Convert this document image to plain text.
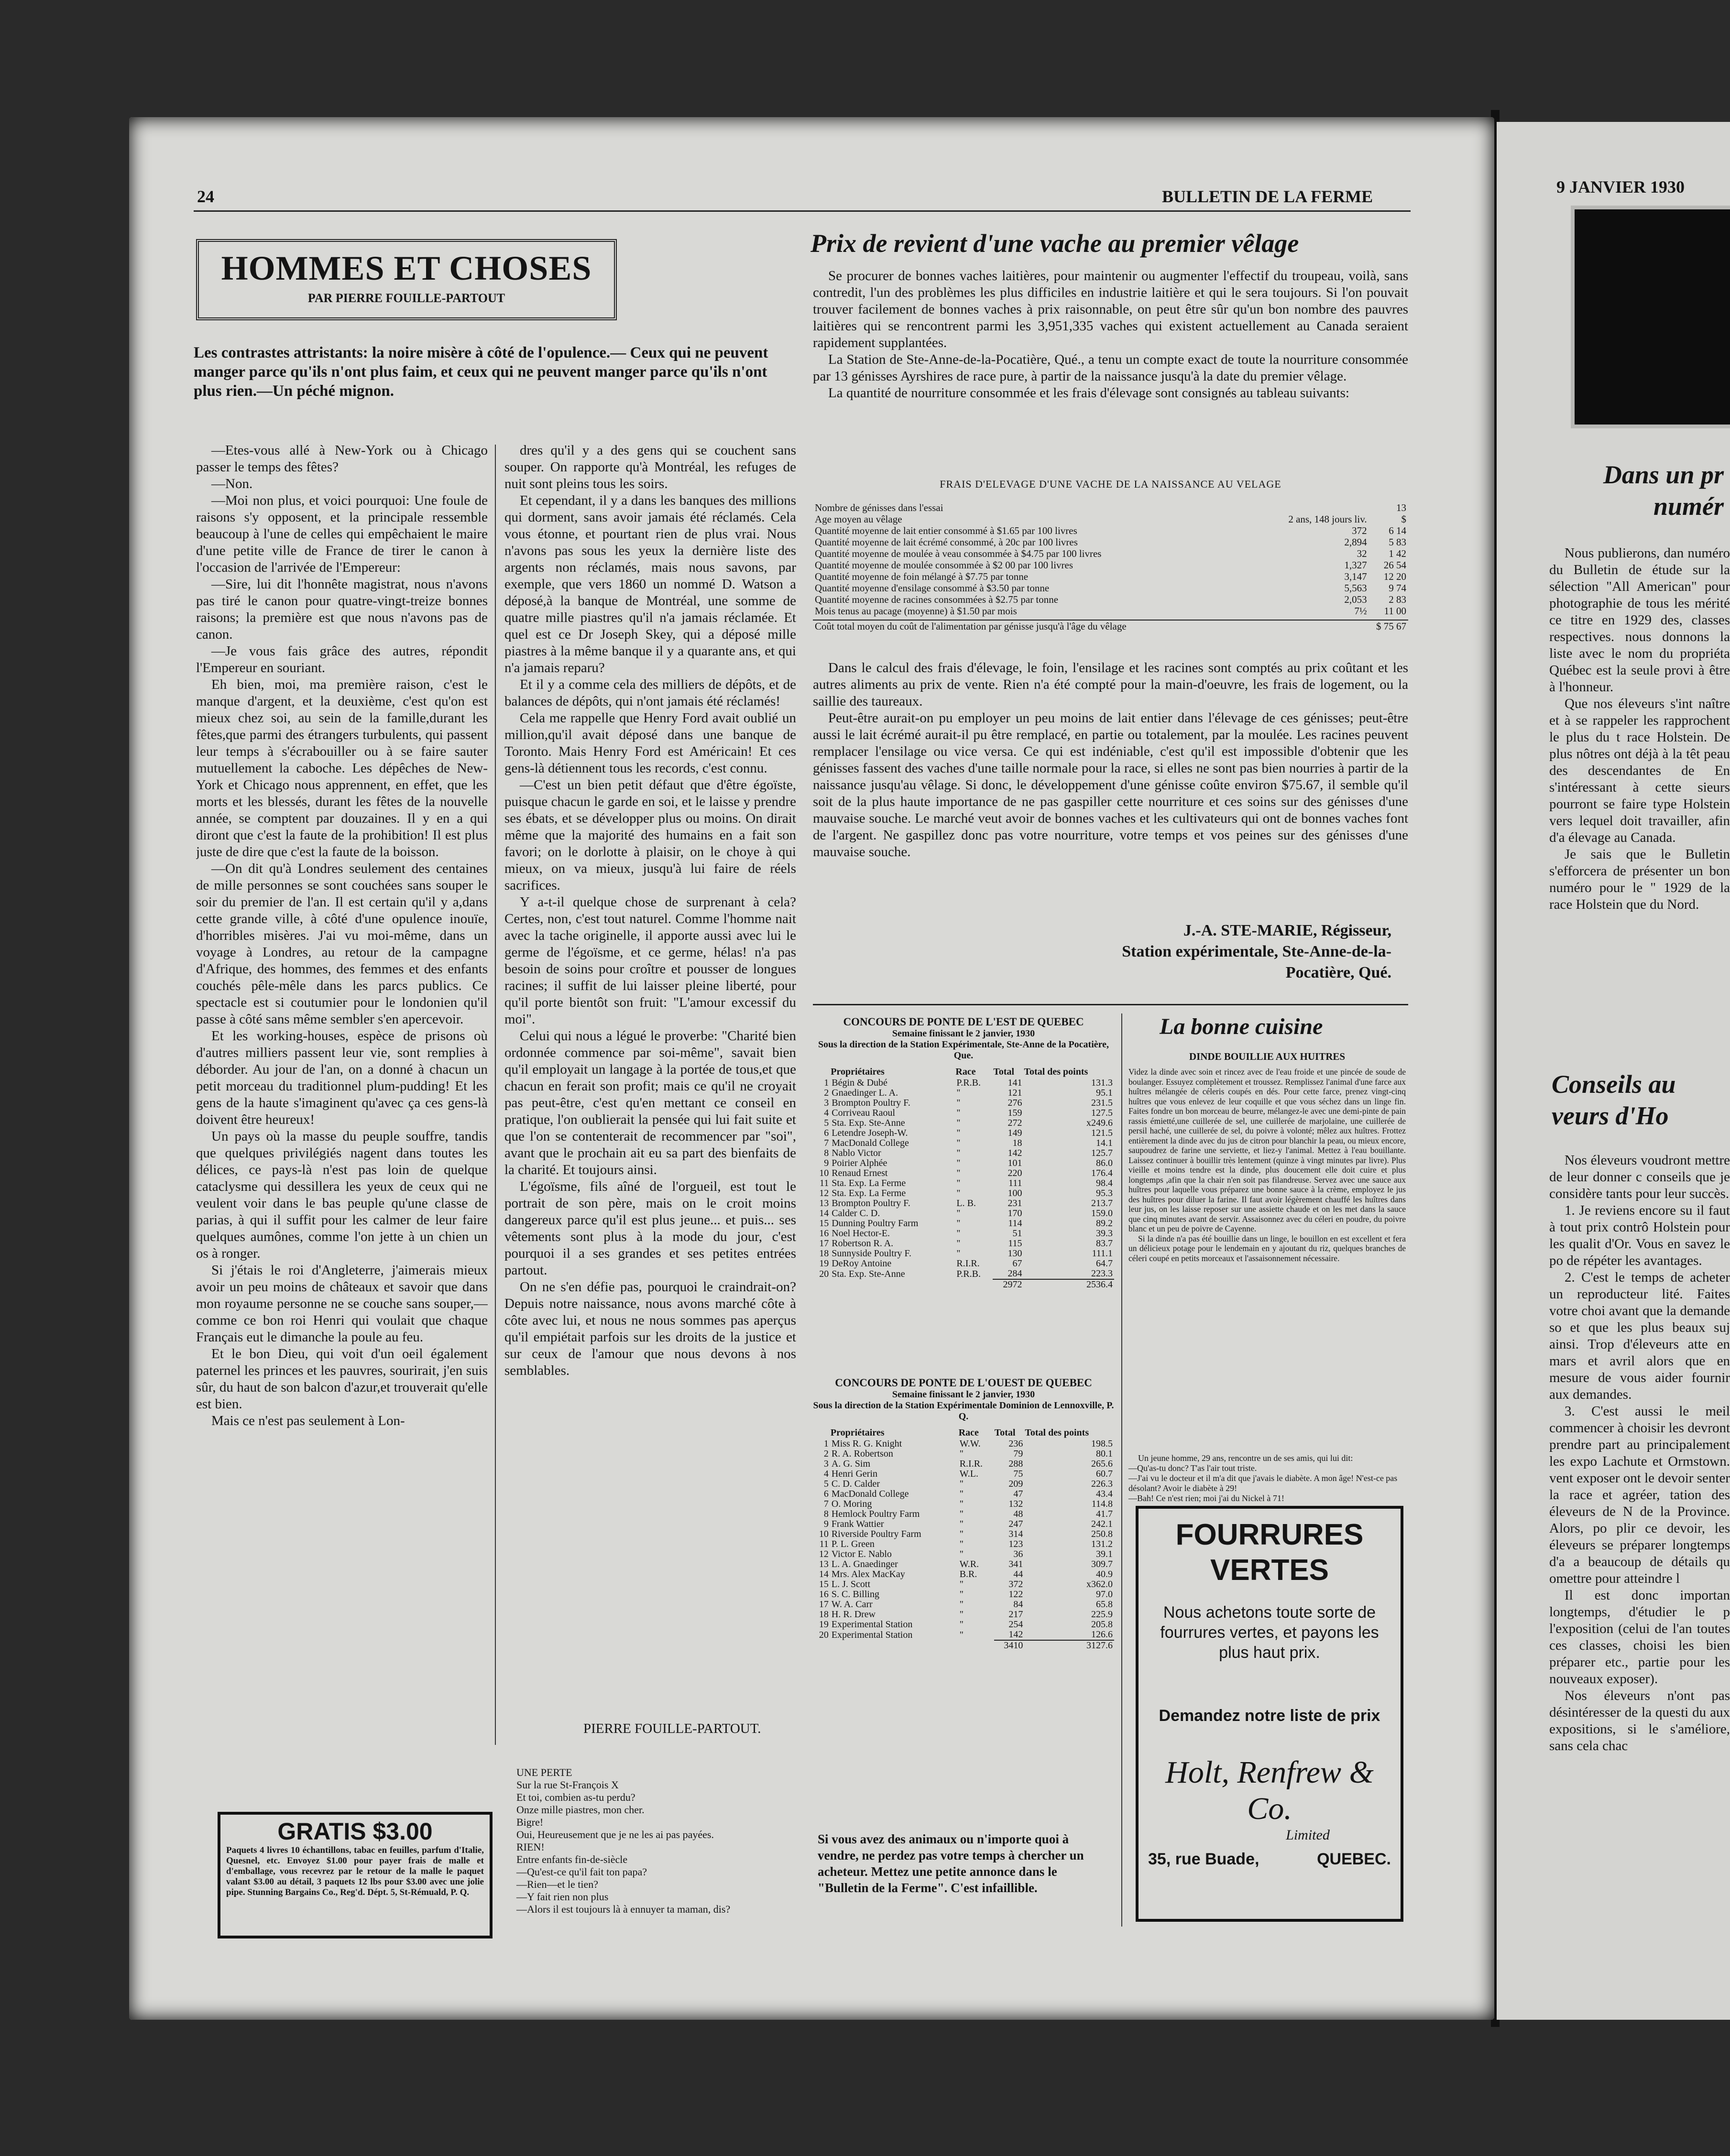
24	BULLETIN DE LA FERME
HOMMES ET CHOSES
PAR PIERRE FOUILLE-PARTOUT
Les contrastes attristants: la noire misère à côté de l'opulence.— Ceux qui ne peuvent manger parce qu'ils n'ont plus faim, et ceux qui ne peuvent manger parce qu'ils n'ont plus rien.—Un péché mignon.

—Etes-vous allé à New-York ou à Chicago passer le temps des fêtes?

—Non.

—Moi non plus, et voici pourquoi: Une foule de raisons s'y opposent, et la principale ressemble beaucoup à l'une de celles qui empêchaient le maire d'une petite ville de France de tirer le canon à l'occasion de l'arrivée de l'Empereur:

—Sire, lui dit l'honnête magistrat, nous n'avons pas tiré le canon pour quatre-vingt-treize bonnes raisons; la première est que nous n'avons pas de canon.

—Je vous fais grâce des autres, répondit l'Empereur en souriant.

Eh bien, moi, ma première raison, c'est le manque d'argent, et la deuxième, c'est qu'on est mieux chez soi, au sein de la famille,durant les fêtes,que parmi des étrangers turbulents, qui passent leur temps à s'écrabouiller ou à se faire sauter mutuellement la caboche. Les dépêches de New-York et Chicago nous apprennent, en effet, que les morts et les blessés, durant les fêtes de la nouvelle année, se comptent par douzaines. Il y en a qui diront que c'est la faute de la prohibition! Il est plus juste de dire que c'est la faute de la boisson.

—On dit qu'à Londres seulement des centaines de mille personnes se sont couchées sans souper le soir du premier de l'an. Il est certain qu'il y a,dans cette grande ville, à côté d'une opulence inouïe, d'horribles misères. J'ai vu moi-même, dans un voyage à Londres, au retour de la campagne d'Afrique, des hommes, des femmes et des enfants couchés pêle-mêle dans les parcs publics. Ce spectacle est si coutumier pour le londonien qu'il passe à côté sans même sembler s'en apercevoir.

Et les working-houses, espèce de prisons où d'autres milliers passent leur vie, sont remplies à déborder. Au jour de l'an, on a donné à chacun un petit morceau du traditionnel plum-pudding! Et les gens de la haute s'imaginent qu'avec ça ces gens-là doivent être heureux!

Un pays où la masse du peuple souffre, tandis que quelques privilégiés nagent dans toutes les délices, ce pays-là n'est pas loin de quelque cataclysme qui dessillera les yeux de ceux qui ne veulent voir dans le bas peuple qu'une classe de parias, à qui il suffit pour les calmer de leur faire quelques aumônes, comme l'on jette à un chien un os à ronger.

Si j'étais le roi d'Angleterre, j'aimerais mieux avoir un peu moins de châteaux et savoir que dans mon royaume personne ne se couche sans souper,—comme ce bon roi Henri qui voulait que chaque Français eut le dimanche la poule au feu.

Et le bon Dieu, qui voit d'un oeil également paternel les princes et les pauvres, sourirait, j'en suis sûr, du haut de son balcon d'azur,et trouverait qu'elle est bien.

Mais ce n'est pas seulement à Lon-

dres qu'il y a des gens qui se couchent sans souper. On rapporte qu'à Montréal, les refuges de nuit sont pleins tous les soirs.

Et cependant, il y a dans les banques des millions qui dorment, sans avoir jamais été réclamés. Cela vous étonne, et pourtant rien de plus vrai. Nous n'avons pas sous les yeux la dernière liste des argents non réclamés, mais nous savons, par exemple, que vers 1860 un nommé D. Watson a déposé,à la banque de Montréal, une somme de quatre mille piastres qu'il n'a jamais réclamée. Et quel est ce Dr Joseph Skey, qui a déposé mille piastres à la même banque il y a quarante ans, et qui n'a jamais reparu?

Et il y a comme cela des milliers de dépôts, et de balances de dépôts, qui n'ont jamais été réclamés!

Cela me rappelle que Henry Ford avait oublié un million,qu'il avait déposé dans une banque de Toronto. Mais Henry Ford est Américain! Et ces gens-là détiennent tous les records, c'est connu.

—C'est un bien petit défaut que d'être égoïste, puisque chacun le garde en soi, et le laisse y prendre ses ébats, et se développer plus ou moins. On dirait même que la majorité des humains en a fait son favori; on le dorlotte à plaisir, on le choye à qui mieux, on va mieux, jusqu'à lui faire de réels sacrifices.

Y a-t-il quelque chose de surprenant à cela? Certes, non, c'est tout naturel. Comme l'homme nait avec la tache originelle, il apporte aussi avec lui le germe de l'égoïsme, et ce germe, hélas! n'a pas besoin de soins pour croître et pousser de longues racines; il suffit de lui laisser pleine liberté, pour qu'il porte bientôt son fruit: "L'amour excessif du moi".

Celui qui nous a légué le proverbe: "Charité bien ordonnée commence par soi-même", savait bien qu'il employait un langage à la portée de tous,et que chacun en ferait son profit; mais ce qu'il ne croyait pas peut-être, c'est qu'en mettant ce conseil en pratique, l'on oublierait la pensée qui lui fait suite et que l'on se contenterait de recommencer par "soi", avant que le prochain ait eu sa part des bienfaits de la charité. Et toujours ainsi.

L'égoïsme, fils aîné de l'orgueil, est tout le portrait de son père, mais on le croit moins dangereux parce qu'il est plus jeune... et puis... ses vêtements sont plus à la mode du jour, c'est pourquoi il a ses grandes et ses petites entrées partout.

On ne s'en défie pas, pourquoi le craindrait-on? Depuis notre naissance, nous avons marché côte à côte avec lui, et nous ne nous sommes pas aperçus qu'il empiétait parfois sur les droits de la justice et sur ceux de l'amour que nous devons à nos semblables.

PIERRE FOUILLE-PARTOUT.
UNE PERTE
Sur la rue St-François X
Et toi, combien as-tu perdu?
Onze mille piastres, mon cher.
Bigre!
Oui, Heureusement que je ne les ai pas payées.
RIEN!
Entre enfants fin-de-siècle
—Qu'est-ce qu'il fait ton papa?
—Rien—et le tien?
—Y fait rien non plus
—Alors il est toujours là à ennuyer ta maman, dis?
GRATIS $3.00
Paquets 4 livres 10 échantillons, tabac en feuilles, parfum d'Italie, Quesnel, etc. Envoyez $1.00 pour payer frais de malle et d'emballage, vous recevrez par le retour de la malle le paquet valant $3.00 au détail, 3 paquets 12 lbs pour $3.00 avec une jolie pipe. Stunning Bargains Co., Reg'd. Dépt. 5, St-Rémuald, P. Q.
Prix de revient d'une vache au premier vêlage

Se procurer de bonnes vaches laitières, pour maintenir ou augmenter l'effectif du troupeau, voilà, sans contredit, l'un des problèmes les plus difficiles en industrie laitière et qui le sera toujours. Si l'on pouvait trouver facilement de bonnes vaches à prix raisonnable, on peut être sûr qu'un bon nombre des pauvres laitières qui se rencontrent parmi les 3,951,335 vaches qui existent actuellement au Canada seraient rapidement supplantées.

La Station de Ste-Anne-de-la-Pocatière, Qué., a tenu un compte exact de toute la nourriture consommée par 13 génisses Ayrshires de race pure, à partir de la naissance jusqu'à la date du premier vêlage.

La quantité de nourriture consommée et les frais d'élevage sont consignés au tableau suivants:

FRAIS D'ELEVAGE D'UNE VACHE DE LA NAISSANCE AU VELAGE
Nombre de génisses dans l'essai		13
Age moyen au vêlage	2 ans, 148 jours liv.	$
Quantité moyenne de lait entier consommé à $1.65 par 100 livres	372	6 14
Quantité moyenne de lait écrémé consommé, à 20c par 100 livres	2,894	5 83
Quantité moyenne de moulée à veau consommée à $4.75 par 100 livres	32	1 42
Quantité moyenne de moulée consommée à $2 00 par 100 livres	1,327	26 54
Quantité moyenne de foin mélangé à $7.75 par tonne	3,147	12 20
Quantité moyenne d'ensilage consommé à $3.50 par tonne	5,563	9 74
Quantité moyenne de racines consommées à $2.75 par tonne	2,053	2 83
Mois tenus au pacage (moyenne) à $1.50 par mois	7½	11 00
Coût total moyen du coût de l'alimentation par génisse jusqu'à l'âge du vêlage	$ 75 67

Dans le calcul des frais d'élevage, le foin, l'ensilage et les racines sont comptés au prix coûtant et les autres aliments au prix de vente. Rien n'a été compté pour la main-d'oeuvre, les frais de logement, ou la saillie des taureaux.

Peut-être aurait-on pu employer un peu moins de lait entier dans l'élevage de ces génisses; peut-être aussi le lait écrémé aurait-il pu être remplacé, en partie ou totalement, par la moulée. Les racines peuvent remplacer l'ensilage ou vice versa. Ce qui est indéniable, c'est qu'il est impossible d'obtenir que les génisses fassent des vaches d'une taille normale pour la race, si elles ne sont pas bien nourries à partir de la naissance jusqu'au vêlage. Si donc, le développement d'une génisse coûte environ $75.67, il semble qu'il soit de la plus haute importance de ne pas gaspiller cette nourriture et ces soins sur des génisses d'une mauvaise souche. Le marché veut avoir de bonnes vaches et les cultivateurs qui ont de bonnes vaches font de l'argent. Ne gaspillez donc pas votre nourriture, votre temps et vos peines sur des génisses d'une mauvaise souche.

J.-A. STE-MARIE, Régisseur,
Station expérimentale, Ste-Anne-de-la-Pocatière, Qué.
CONCOURS DE PONTE DE L'EST DE QUEBEC
Semaine finissant le 2 janvier, 1930
Sous la direction de la Station Expérimentale, Ste-Anne de la Pocatière, Que.
	Propriétaires	Race	Total	Total des points
1	Bégin & Dubé	P.R.B.	141	131.3
2	Gnaedinger L. A.	"	121	95.1
3	Brompton Poultry F.	"	276	231.5
4	Corriveau Raoul	"	159	127.5
5	Sta. Exp. Ste-Anne	"	272	x249.6
6	Letendre Joseph-W.	"	149	121.5
7	MacDonald College	"	18	14.1
8	Nablo Victor	"	142	125.7
9	Poirier Alphée	"	101	86.0
10	Renaud Ernest	"	220	176.4
11	Sta. Exp. La Ferme	"	111	98.4
12	Sta. Exp. La Ferme	"	100	95.3
13	Brompton Poultry F.	L. B.	231	213.7
14	Calder C. D.	"	170	159.0
15	Dunning Poultry Farm	"	114	89.2
16	Noel Hector-E.	"	51	39.3
17	Robertson R. A.	"	115	83.7
18	Sunnyside Poultry F.	"	130	111.1
19	DeRoy Antoine	R.I.R.	67	64.7
20	Sta. Exp. Ste-Anne	P.R.B.	284	223.3
			2972	2536.4
CONCOURS DE PONTE DE L'OUEST DE QUEBEC
Semaine finissant le 2 janvier, 1930
Sous la direction de la Station Expérimentale Dominion de Lennoxville, P. Q.
	Propriétaires	Race	Total	Total des points
1	Miss R. G. Knight	W.W.	236	198.5
2	R. A. Robertson	"	79	80.1
3	A. G. Sim	R.I.R.	288	265.6
4	Henri Gerin	W.L.	75	60.7
5	C. D. Calder	"	209	226.3
6	MacDonald College	"	47	43.4
7	O. Moring	"	132	114.8
8	Hemlock Poultry Farm	"	48	41.7
9	Frank Wattier	"	247	242.1
10	Riverside Poultry Farm	"	314	250.8
11	P. L. Green	"	123	131.2
12	Victor E. Nablo	"	36	39.1
13	L. A. Gnaedinger	W.R.	341	309.7
14	Mrs. Alex MacKay	B.R.	44	40.9
15	L. J. Scott	"	372	x362.0
16	S. C. Billing	"	122	97.0
17	W. A. Carr	"	84	65.8
18	H. R. Drew	"	217	225.9
19	Experimental Station	"	254	205.8
20	Experimental Station	"	142	126.6
			3410	3127.6
Si vous avez des animaux ou n'importe quoi à vendre, ne perdez pas votre temps à chercher un acheteur. Mettez une petite annonce dans le "Bulletin de la Ferme". C'est infaillible.
La bonne cuisine
DINDE BOUILLIE AUX HUITRES
Videz la dinde avec soin et rincez avec de l'eau froide et une pincée de soude de boulanger. Essuyez complètement et troussez. Remplissez l'animal d'une farce aux huîtres mélangée de céleris coupés en dés. Pour cette farce, prenez vingt-cinq huîtres que vous enlevez de leur coquille et que vous séchez dans un linge fin. Faites fondre un bon morceau de beurre, mélangez-le avec une demi-pinte de pain rassis émietté,une cuillerée de sel, une cuillerée de marjolaine, une cuillerée de persil haché, une cuillerée de sel, du poivre à volonté; mêlez aux huîtres. Frottez entièrement la dinde avec du jus de citron pour blanchir la peau, ou mieux encore, saupoudrez de farine une serviette, et liez-y l'animal. Mettez à l'eau bouillante. Laissez continuer à bouillir très lentement (quinze à vingt minutes par livre). Plus vieille et moins tendre est la dinde, plus doucement elle doit cuire et plus longtemps ,afin que la chair n'en soit pas filandreuse. Servez avec une sauce aux huîtres pour laquelle vous préparez une bonne sauce à la crème, employez le jus des huîtres pour diluer la farine. Il faut avoir légèrement chauffé les huîtres dans leur jus, on les laisse reposer sur une assiette chaude et on les met dans la sauce que cinq minutes avant de servir. Assaisonnez avec du céleri en poudre, du poivre blanc et un peu de poivre de Cayenne.
Si la dinde n'a pas été bouillie dans un linge, le bouillon en est excellent et fera un délicieux potage pour le lendemain en y ajoutant du riz, quelques branches de céleri coupé en petits morceaux et l'assaisonnement nécessaire.
Un jeune homme, 29 ans, rencontre un de ses amis, qui lui dit:
—Qu'as-tu donc? T'as l'air tout triste.
—J'ai vu le docteur et il m'a dit que j'avais le diabète. A mon âge! N'est-ce pas désolant? Avoir le diabète à 29!
—Bah! Ce n'est rien; moi j'ai du Nickel à 71!
FOURRURES VERTES
Nous achetons toute sorte de fourrures vertes, et payons les plus haut prix.
Demandez notre liste de prix
Holt, Renfrew & Co.
Limited
35, rue Buade,	QUEBEC.
9 JANVIER 1930
Dans un pr numér

Nous publierons, dan numéro du Bulletin de étude sur la sélection "All American" pour photographie de tous les mérité ce titre en 1929 des, classes respectives. nous donnons la liste avec le nom du propriéta Québec est la seule provi à être à l'honneur.

Que nos éleveurs s'int naître et à se rappeler les rapprochent le plus du t race Holstein. De plus nôtres ont déjà à la têt peau des descendantes de En s'intéressant à cette sieurs pourront se faire type Holstein vers lequel doit travailler, afin d'a élevage au Canada.

Je sais que le Bulletin s'efforcera de présenter un bon numéro pour le " 1929 de la race Holstein que du Nord.

Conseils au veurs d'Ho

Nos éleveurs voudront mettre de leur donner c conseils que je considère tants pour leur succès.

1. Je reviens encore su il faut à tout prix contrô Holstein pour les qualit d'Or. Vous en savez le po de répéter les avantages.

2. C'est le temps de acheter un reproducteur lité. Faites votre choi avant que la demande so et que les plus beaux suj ainsi. Trop d'éleveurs atte en mars et avril alors que en mesure de vous aider fournir aux demandes.

3. C'est aussi le meil commencer à choisir les devront prendre part au principalement les expo Lachute et Ormstown. vent exposer ont le devoir senter la race et agréer, tation des éleveurs de N de la Province. Alors, po plir ce devoir, les éleveurs se préparer longtemps d'a a beaucoup de détails qu omettre pour atteindre l

Il est donc importan longtemps, d'étudier le p l'exposition (celui de l'an toutes ces classes, choisi les bien préparer etc., partie pour les nouveaux exposer).

Nos éleveurs n'ont pas désintéresser de la questi du aux expositions, si le s'améliore, sans cela chac
